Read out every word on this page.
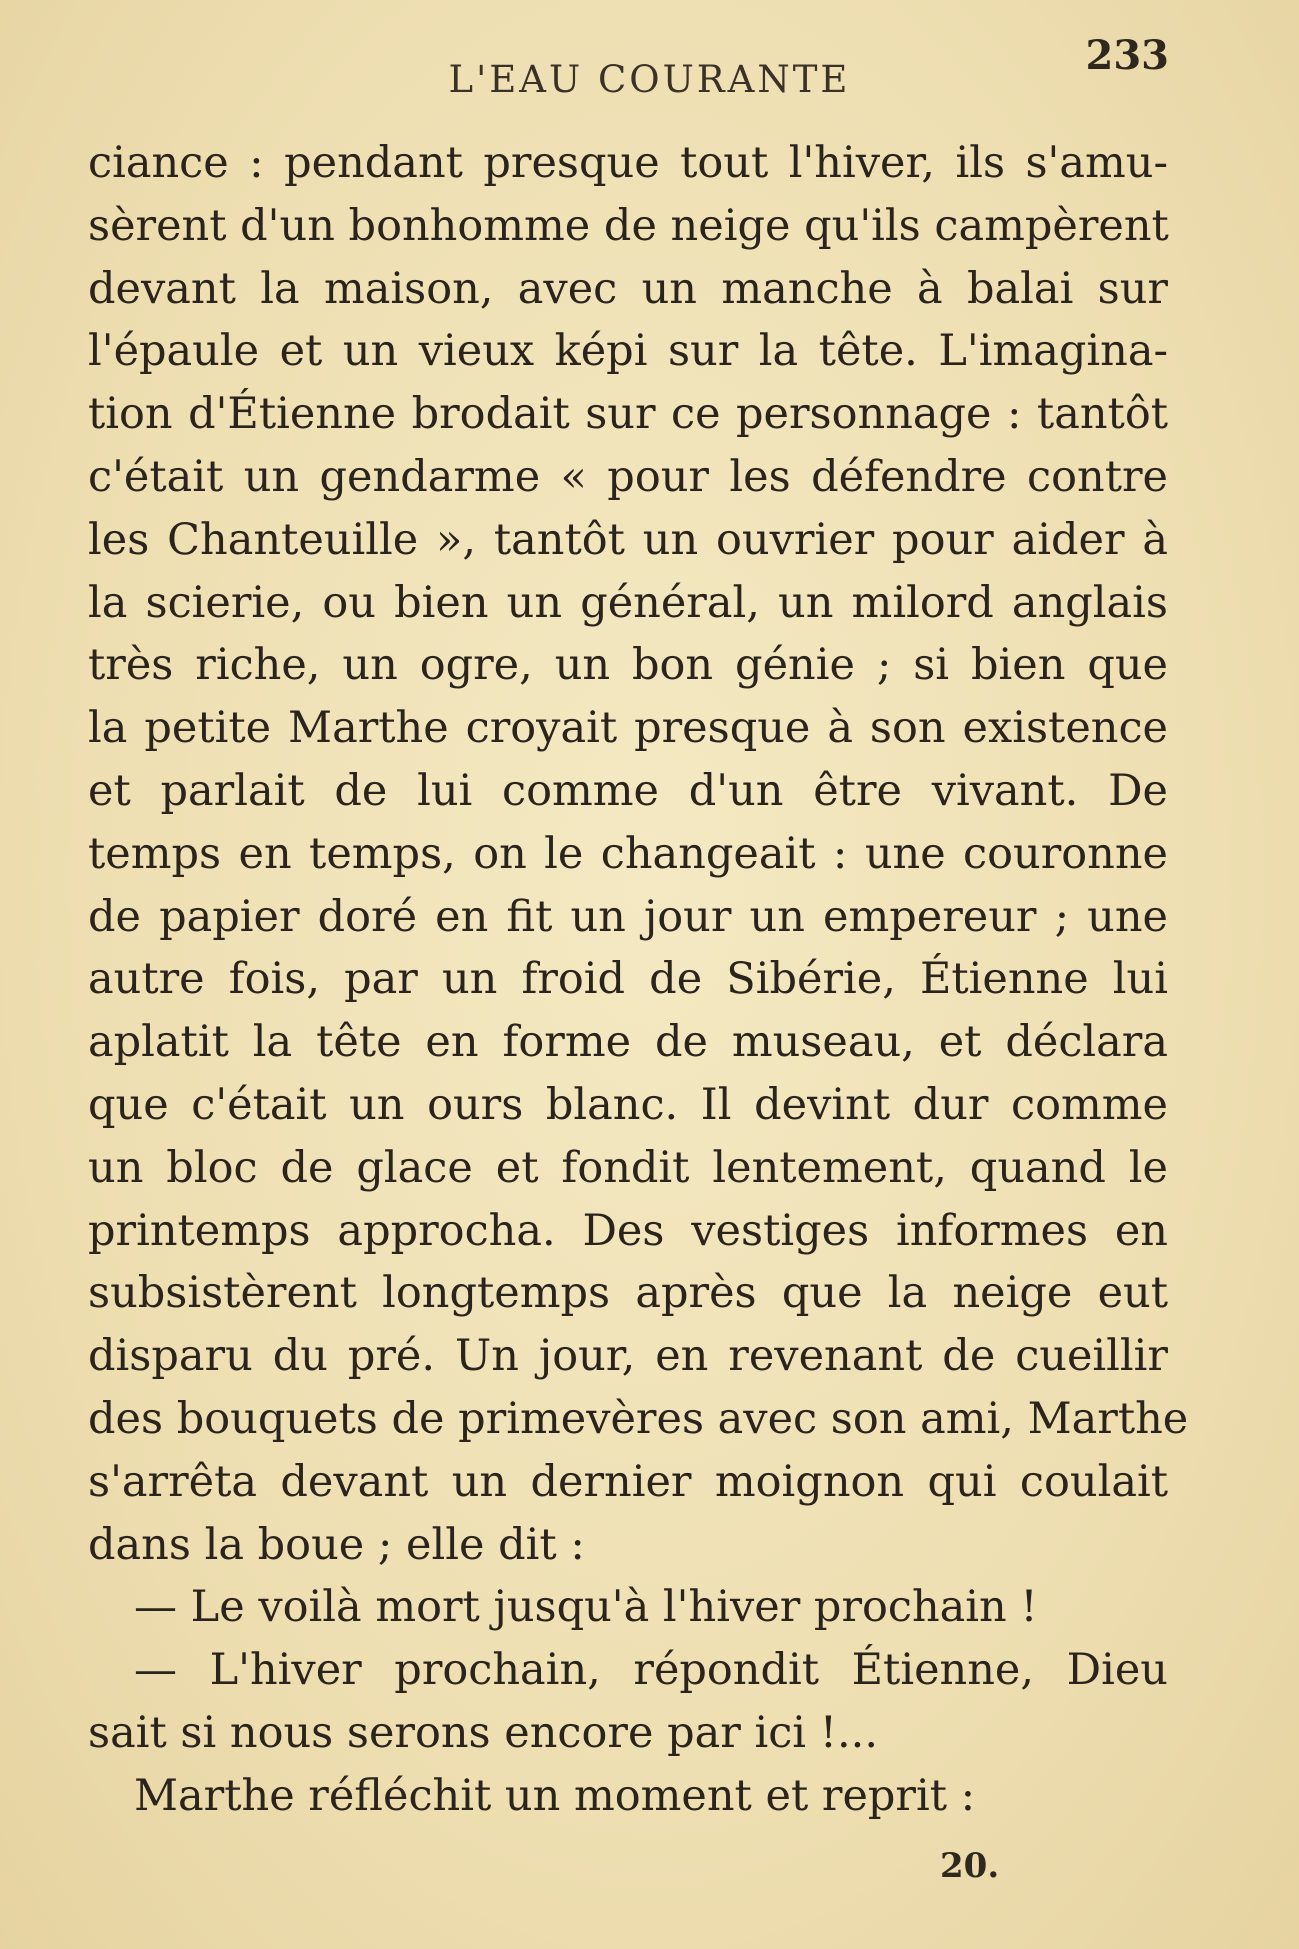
L'EAU COURANTE
233
ciance : pendant presque tout l'hiver, ils s'amu-
sèrent d'un bonhomme de neige qu'ils campèrent
devant la maison, avec un manche à balai sur
l'épaule et un vieux képi sur la tête. L'imagina-
tion d'Étienne brodait sur ce personnage : tantôt
c'était un gendarme « pour les défendre contre
les Chanteuille », tantôt un ouvrier pour aider à
la scierie, ou bien un général, un milord anglais
très riche, un ogre, un bon génie ; si bien que
la petite Marthe croyait presque à son existence
et parlait de lui comme d'un être vivant. De
temps en temps, on le changeait : une couronne
de papier doré en fit un jour un empereur ; une
autre fois, par un froid de Sibérie, Étienne lui
aplatit la tête en forme de museau, et déclara
que c'était un ours blanc. Il devint dur comme
un bloc de glace et fondit lentement, quand le
printemps approcha. Des vestiges informes en
subsistèrent longtemps après que la neige eut
disparu du pré. Un jour, en revenant de cueillir
des bouquets de primevères avec son ami, Marthe
s'arrêta devant un dernier moignon qui coulait
dans la boue ; elle dit :
— Le voilà mort jusqu'à l'hiver prochain !
— L'hiver prochain, répondit Étienne, Dieu
sait si nous serons encore par ici !...
Marthe réfléchit un moment et reprit :
20.
